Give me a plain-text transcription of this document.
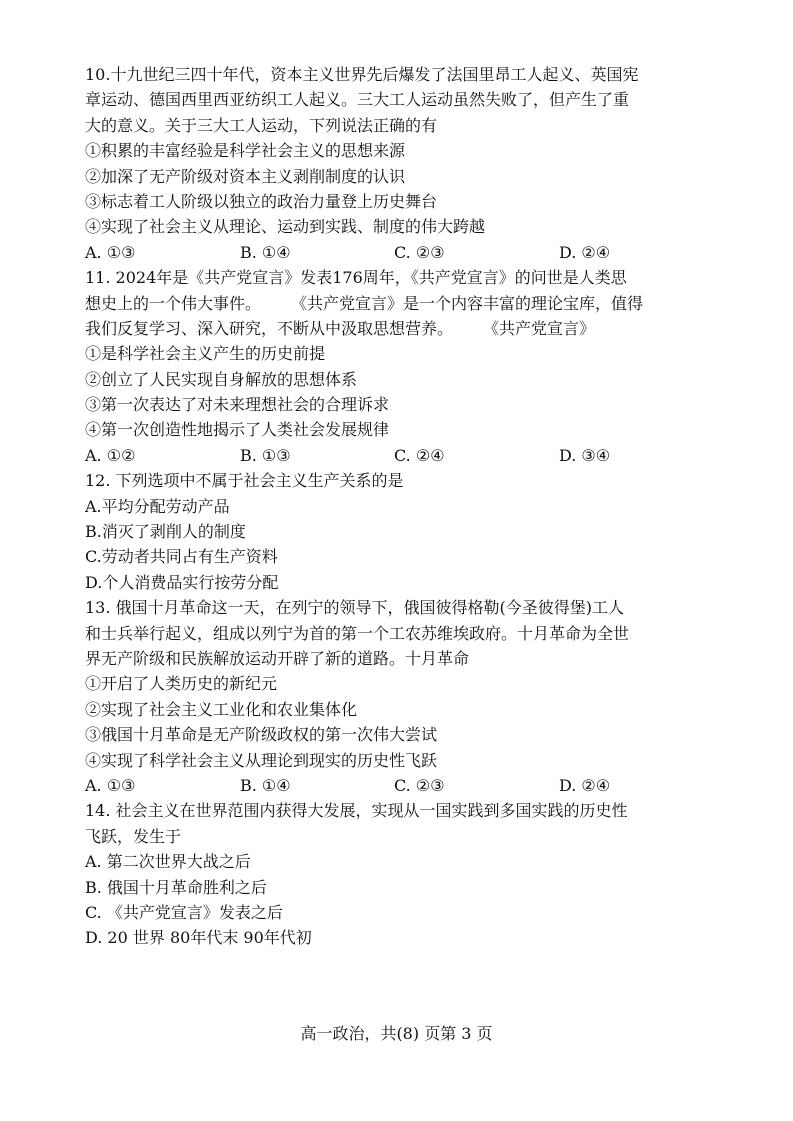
10.十九世纪三四十年代，资本主义世界先后爆发了法国里昂工人起义、英国宪
章运动、德国西里西亚纺织工人起义。三大工人运动虽然失败了，但产生了重
大的意义。关于三大工人运动，下列说法正确的有
①积累的丰富经验是科学社会主义的思想来源
②加深了无产阶级对资本主义剥削制度的认识
③标志着工人阶级以独立的政治力量登上历史舞台
④实现了社会主义从理论、运动到实践、制度的伟大跨越
A. ①③	B. ①④	C. ②③	D. ②④
11. 2024年是《共产党宣言》发表176周年，《共产党宣言》的问世是人类思
想史上的一个伟大事件。 《共产党宣言》是一个内容丰富的理论宝库，值得
我们反复学习、深入研究，不断从中汲取思想营养。 《共产党宣言》
①是科学社会主义产生的历史前提
②创立了人民实现自身解放的思想体系
③第一次表达了对未来理想社会的合理诉求
④第一次创造性地揭示了人类社会发展规律
A. ①②	B. ①③	C. ②④	D. ③④
12. 下列选项中不属于社会主义生产关系的是
A.平均分配劳动产品
B.消灭了剥削人的制度
C.劳动者共同占有生产资料
D.个人消费品实行按劳分配
13. 俄国十月革命这一天，在列宁的领导下，俄国彼得格勒(今圣彼得堡)工人
和士兵举行起义，组成以列宁为首的第一个工农苏维埃政府。十月革命为全世
界无产阶级和民族解放运动开辟了新的道路。十月革命
①开启了人类历史的新纪元
②实现了社会主义工业化和农业集体化
③俄国十月革命是无产阶级政权的第一次伟大尝试
④实现了科学社会主义从理论到现实的历史性飞跃
A. ①③	B. ①④	C. ②③	D. ②④
14. 社会主义在世界范围内获得大发展，实现从一国实践到多国实践的历史性
飞跃，发生于
A. 第二次世界大战之后
B. 俄国十月革命胜利之后
C. 《共产党宣言》发表之后
D. 20 世界 80年代末 90年代初
高一政治，共(8) 页第 3 页
